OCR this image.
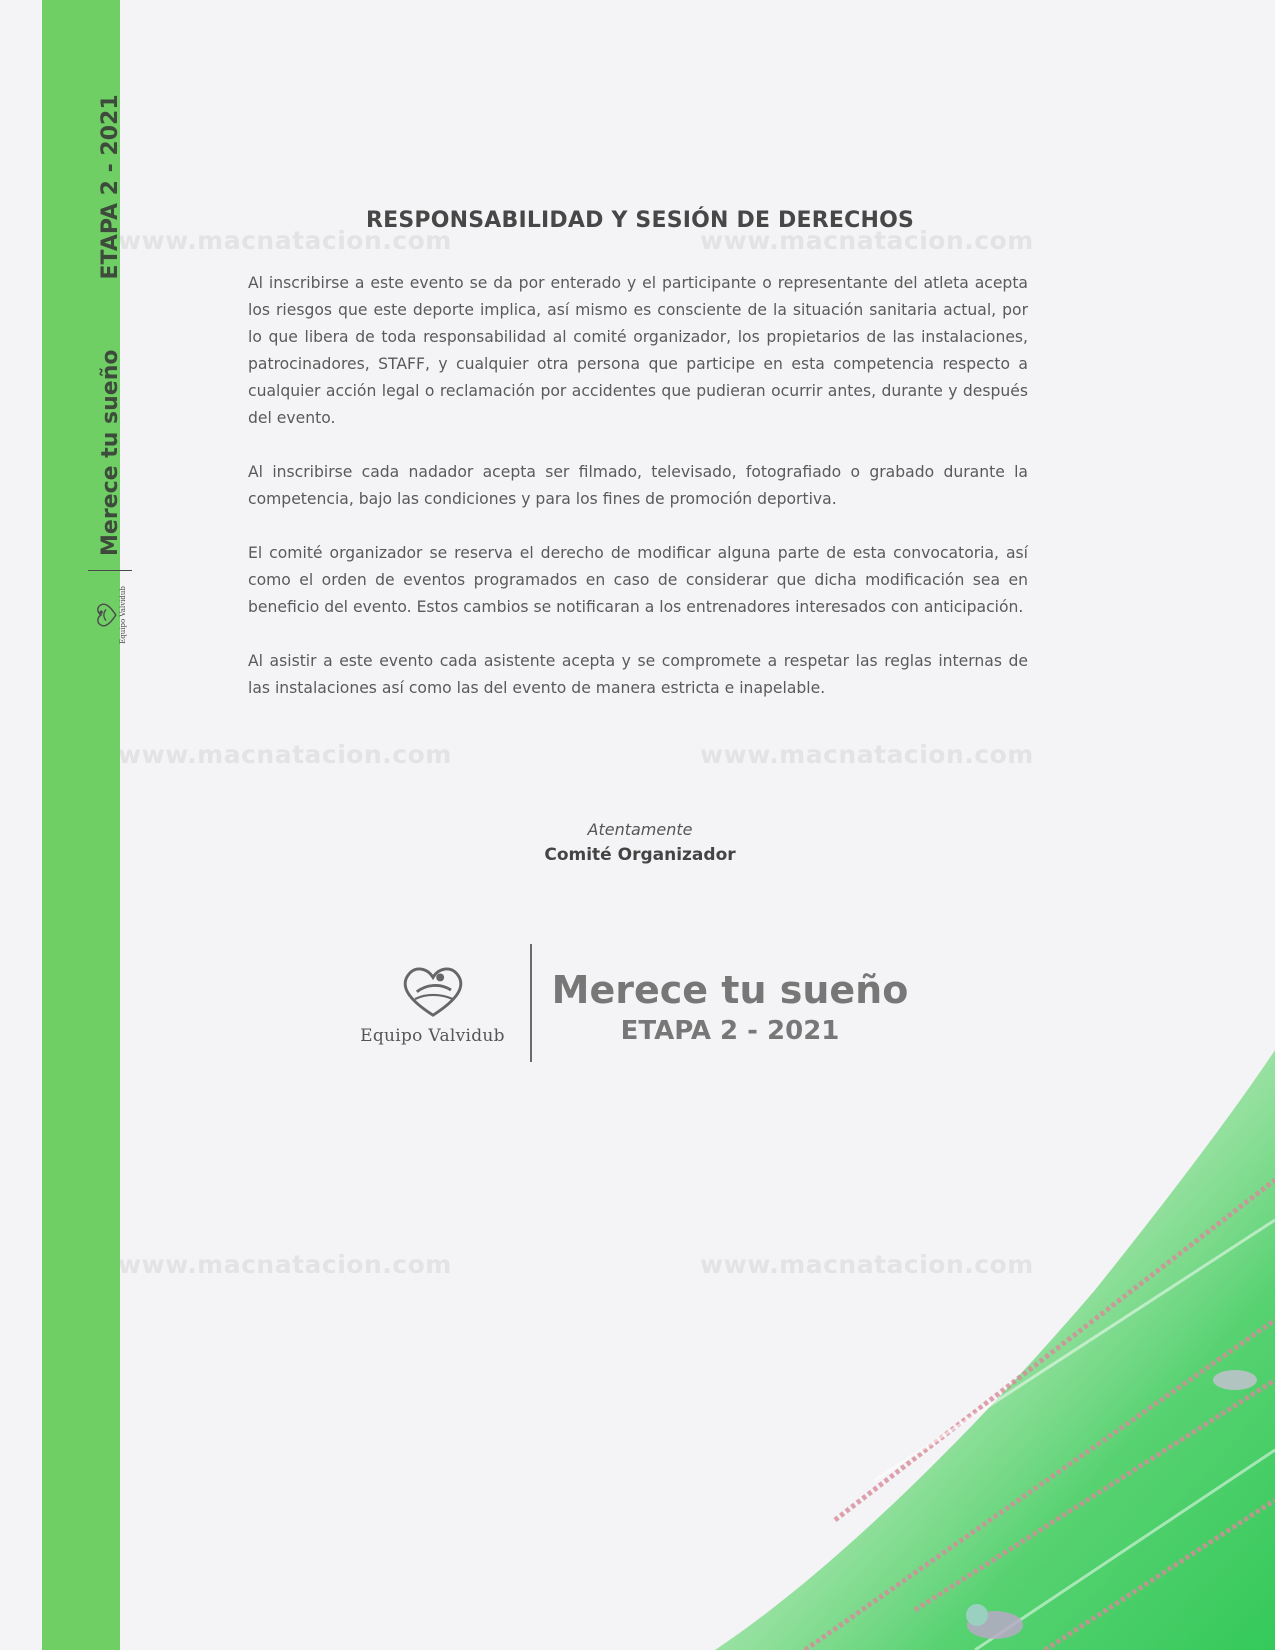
Equipo Valvidub
Merece tu sueño
ETAPA 2 - 2021
www.macnatacion.com	www.macnatacion.com
www.macnatacion.com	www.macnatacion.com
www.macnatacion.com	www.macnatacion.com
RESPONSABILIDAD Y SESIÓN DE DERECHOS

Al inscribirse a este evento se da por enterado y el participante o representante del atleta acepta los riesgos que este deporte implica, así mismo es consciente de la situación sanitaria actual, por lo que libera de toda responsabilidad al comité organizador, los propietarios de las instalaciones, patrocinadores, STAFF, y cualquier otra persona que participe en esta competencia respecto a cualquier acción legal o reclamación por accidentes que pudieran ocurrir antes, durante y después del evento.

Al inscribirse cada nadador acepta ser filmado, televisado, fotografiado o grabado durante la competencia, bajo las condiciones y para los fines de promoción deportiva.

El comité organizador se reserva el derecho de modificar alguna parte de esta convocatoria, así como el orden de eventos programados en caso de considerar que dicha modificación sea en beneficio del evento. Estos cambios se notificaran a los entrenadores interesados con anticipación.

Al asistir a este evento cada asistente acepta y se compromete a respetar las reglas internas de las instalaciones así como las del evento de manera estricta e inapelable.

Atentamente
Comité Organizador
Equipo Valvidub
Merece tu sueño
ETAPA 2 - 2021
